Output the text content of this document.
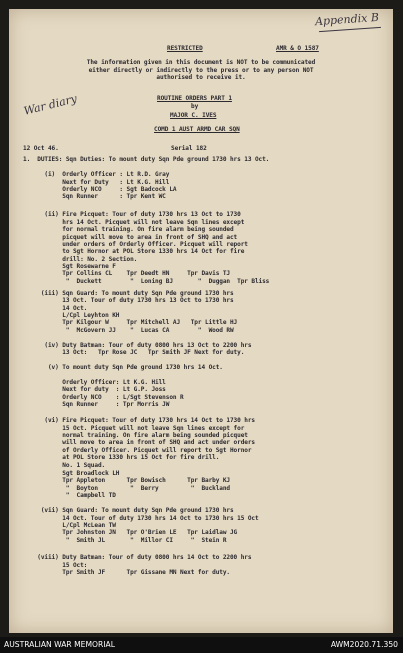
Appendix B
War diary
RESTRICTED	AMR & O 1587
The information given in this document is NOT to be communicated
either directly or indirectly to the press or to any person NOT
authorised to receive it.
ROUTINE ORDERS PART 1
by
MAJOR C. IVES
COMD 1 AUST ARMD CAR SQN
12 Oct 46.	Serial 182
1.  DUTIES: Sqn Duties: To mount duty Sqn Pde ground 1730 hrs 13 Oct.
(i)  Orderly Officer : Lt R.D. Gray
Next for Duty   : Lt K.G. Hill
Orderly NCO     : Sgt Badcock LA
Sqn Runner      : Tpr Kent WC
(ii) Fire Picquet: Tour of duty 1730 hrs 13 Oct to 1730
hrs 14 Oct. Picquet will not leave Sqn lines except
for normal training. On fire alarm being sounded
picquet will move to area in front of SHQ and act
under orders of Orderly Officer. Picquet will report
to Sgt Hornor at POL Store 1330 hrs 14 Oct for fire
drill: No. 2 Section.
Sgt Rosewarne F
Tpr Collins CL    Tpr Deedt HN     Tpr Davis TJ
"  Duckett        "  Loning BJ       "  Duggan  Tpr Bliss
(iii) Sqn Guard: To mount duty Sqn Pde ground 1730 hrs
13 Oct. Tour of duty 1730 hrs 13 Oct to 1730 hrs
14 Oct.
L/Cpl Leyhton KH
Tpr Kilgour W     Tpr Mitchell AJ   Tpr Little HJ
"  McGovern JJ    "  Lucas CA        "  Wood RW
(iv) Duty Batman: Tour of duty 0800 hrs 13 Oct to 2200 hrs
13 Oct:   Tpr Rose JC   Tpr Smith JF Next for duty.
(v) To mount duty Sqn Pde ground 1730 hrs 14 Oct.
Orderly Officer: Lt K.G. Hill
Next for duty  : Lt G.P. Joss
Orderly NCO    : L/Sgt Stevenson R
Sqn Runner     : Tpr Morris JW
(vi) Fire Picquet: Tour of duty 1730 hrs 14 Oct to 1730 hrs
15 Oct. Picquet will not leave Sqn lines except for
normal training. On fire alarm being sounded picquet
will move to area in front of SHQ and act under orders
of Orderly Officer. Picquet will report to Sgt Hornor
at POL Store 1330 hrs 15 Oct for fire drill.
No. 1 Squad.
Sgt Broadlock LH
Tpr Appleton      Tpr Bowisch      Tpr Barby KJ
"  Boyton         "  Berry         "  Buckland
"  Campbell TD
(vii) Sqn Guard: To mount duty Sqn Pde ground 1730 hrs
14 Oct. Tour of duty 1730 hrs 14 Oct to 1730 hrs 15 Oct
L/Cpl McLean TW
Tpr Johnston JN   Tpr O'Brien LE   Tpr Laidlaw JG
"  Smith JL       "  Millor CI     "  Stein R
(viii) Duty Batman: Tour of duty 0800 hrs 14 Oct to 2200 hrs
15 Oct:
Tpr Smith JF      Tpr Gissane MN Next for duty.
AUSTRALIAN WAR MEMORIAL	AWM2020.71.350
